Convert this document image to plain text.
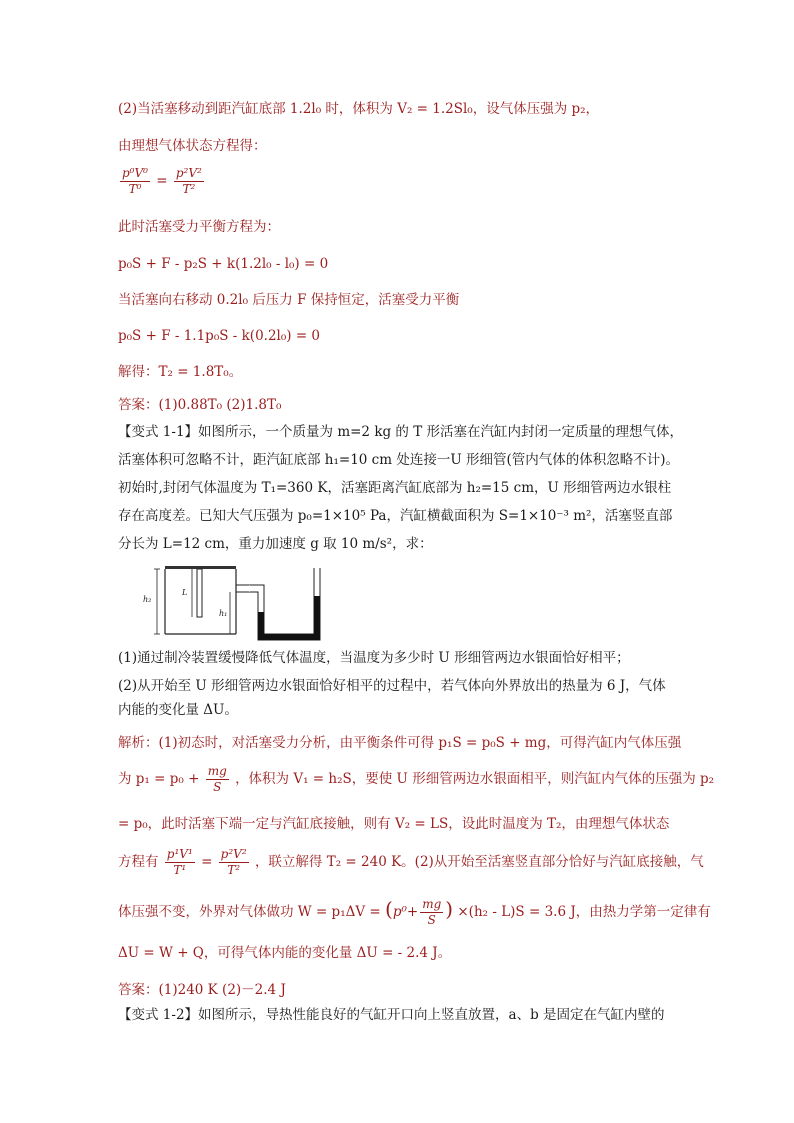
(2)当活塞移动到距汽缸底部 1.2l₀ 时，体积为 V₂ = 1.2Sl₀，设气体压强为 p₂，
由理想气体状态方程得：
$\frac{\text{p⁰V⁰}}{\text{T⁰}} = \frac{\text{p²V²}}{\text{T²}}$
此时活塞受力平衡方程为：
p₀S + F - p₂S + k(1.2l₀ - l₀) = 0
当活塞向右移动 0.2l₀ 后压力 F 保持恒定，活塞受力平衡
p₀S + F - 1.1p₀S - k(0.2l₀) = 0
解得：T₂ = 1.8T₀。
答案：(1)0.88T₀ (2)1.8T₀
【变式 1-1】如图所示，一个质量为 m=2 kg 的 T 形活塞在汽缸内封闭一定质量的理想气体，
活塞体积可忽略不计，距汽缸底部 h₁=10 cm 处连接一U 形细管(管内气体的体积忽略不计)。
初始时,封闭气体温度为 T₁=360 K，活塞距离汽缸底部为 h₂=15 cm，U 形细管两边水银柱
存在高度差。已知大气压强为 p₀=1×10⁵ Pa，汽缸横截面积为 S=1×10⁻³ m²，活塞竖直部
分长为 L=12 cm，重力加速度 g 取 10 m/s²，求：
h₂
L
h₁
(1)通过制冷装置缓慢降低气体温度，当温度为多少时 U 形细管两边水银面恰好相平；
(2)从开始至 U 形细管两边水银面恰好相平的过程中，若气体向外界放出的热量为 6 J，气体
内能的变化量 ΔU。
解析：(1)初态时，对活塞受力分析，由平衡条件可得 p₁S = p₀S + mg，可得汽缸内气体压强
为 $p_1 = p_0 + \frac{mg}{S}$ ，体积为 V₁ = h₂S，要使 U 形细管两边水银面相平，则汽缸内气体的压强为 p₂
= p₀，此时活塞下端一定与汽缸底接触，则有 V₂ = LS，设此时温度为 T₂，由理想气体状态
方程有 $\frac{\text{p¹V¹}}{\text{T¹}} = \frac{\text{p²V²}}{\text{T²}}$ ，联立解得 T₂ = 240 K。(2)从开始至活塞竖直部分恰好与汽缸底接触，气
体压强不变，外界对气体做功 $W = p_1\Delta V = (p^0+ \frac{mg}{S}$ ) ×(h₂ - L)S = 3.6 J，由热力学第一定律有
ΔU = W + Q，可得气体内能的变化量 ΔU = - 2.4 J。
答案：(1)240 K (2)－2.4 J
【变式 1-2】如图所示，导热性能良好的气缸开口向上竖直放置，a、b 是固定在气缸内壁的
